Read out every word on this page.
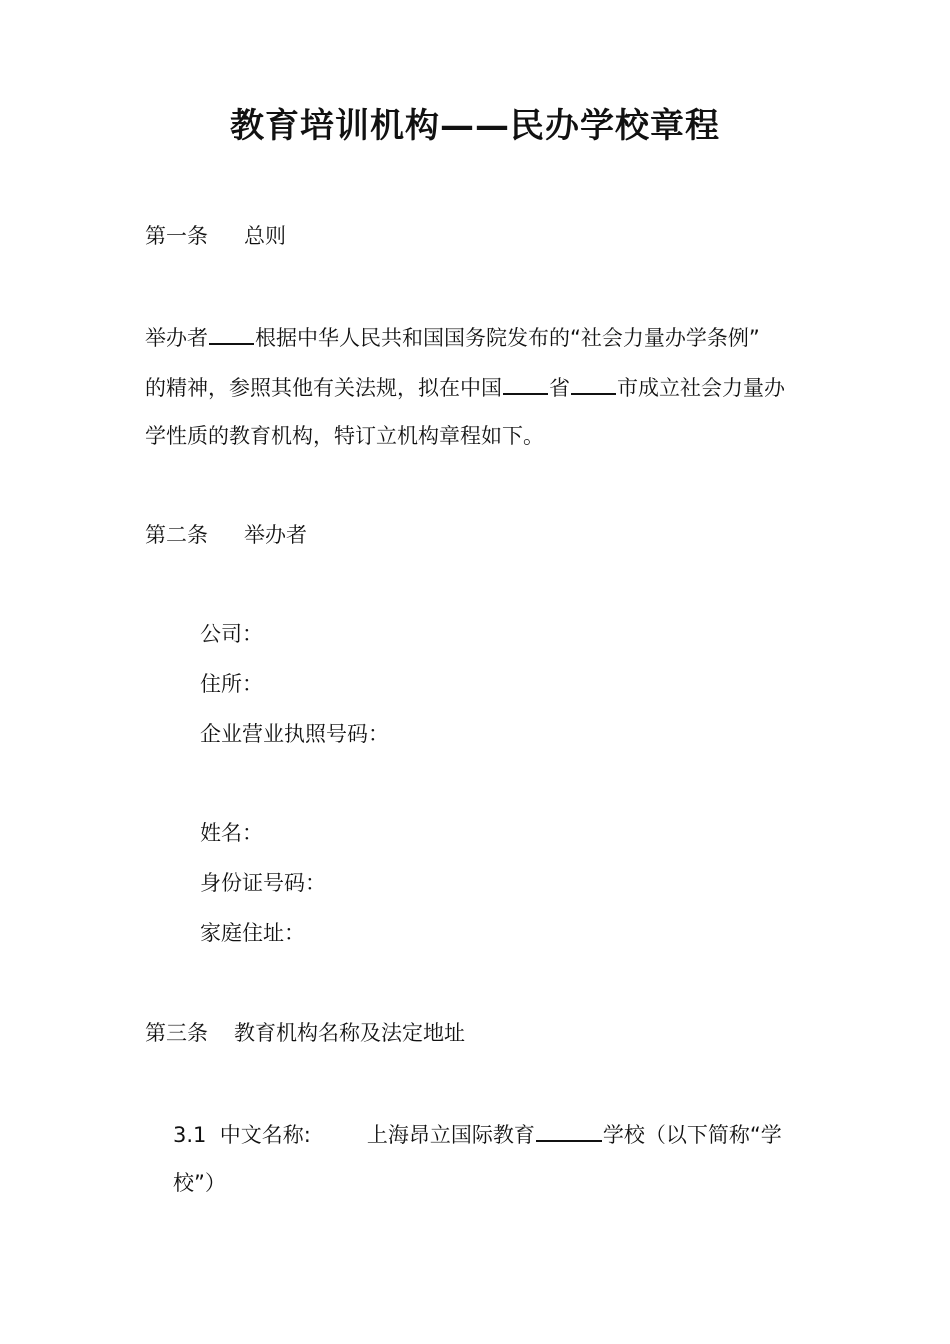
教育培训机构——民办学校章程
第一条 总则
举办者 根据中华人民共和国国务院发布的“社会力量办学条例”
的精神，参照其他有关法规，拟在中国 省 市成立社会力量办
学性质的教育机构，特订立机构章程如下。
第二条 举办者
公司：
住所：
企业营业执照号码：
姓名：
身份证号码：
家庭住址：
第三条 教育机构名称及法定地址
3.1 中文名称:	上海昂立国际教育	学校（以下简称“学
校”）
